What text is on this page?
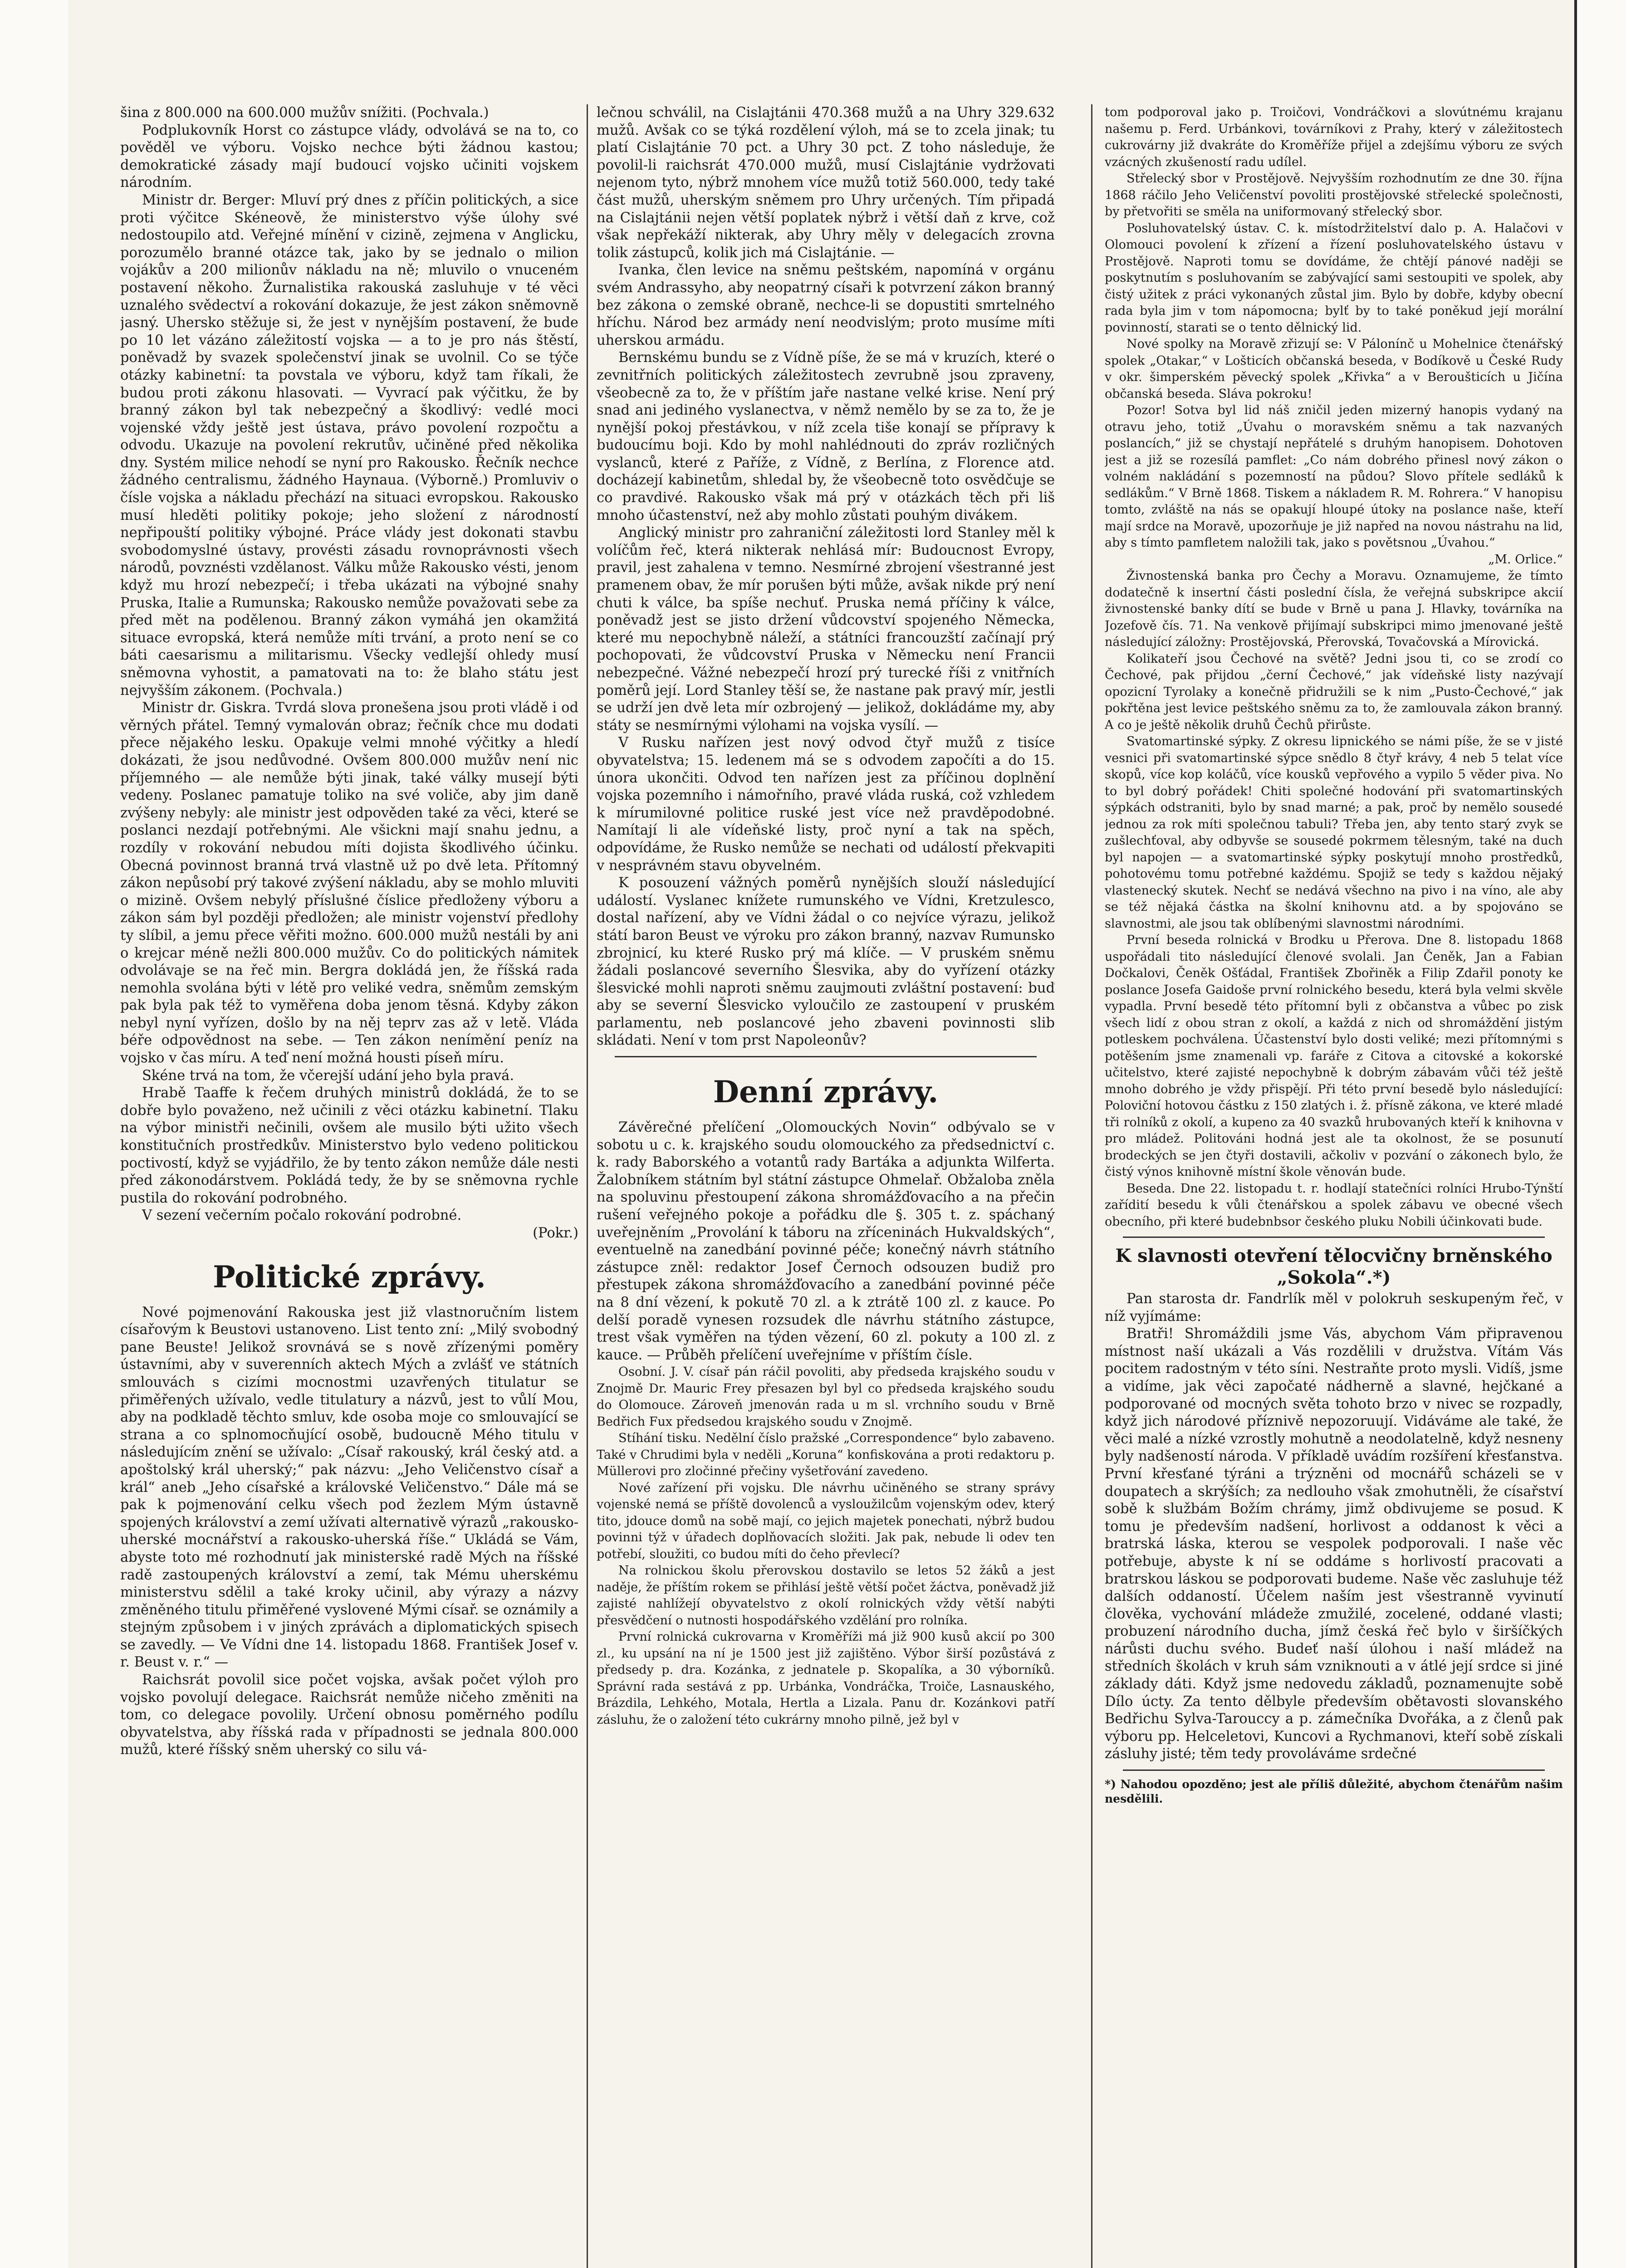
šina z 800.000 na 600.000 mužův snížiti. (Pochvala.)

Podplukovník Horst co zástupce vlády, odvolává se na to, co pověděl ve výboru. Vojsko nechce býti žádnou kastou; demokratické zásady mají budoucí vojsko učiniti vojskem národním.

Ministr dr. Berger: Mluví prý dnes z příčin politických, a sice proti výčitce Skéneově, že ministerstvo výše úlohy své nedostoupilo atd. Veřejné mínění v cizině, zejmena v Anglicku, porozumělo branné otázce tak, jako by se jednalo o milion vojákův a 200 milionův nákladu na ně; mluvilo o vnuceném postavení někoho. Žurnalistika rakouská zasluhuje v té věci uznalého svědectví a rokování dokazuje, že jest zákon sněmovně jasný. Uhersko stěžuje si, že jest v nynějším postavení, že bude po 10 let vázáno záležitostí vojska — a to je pro nás štěstí, poněvadž by svazek společenství jinak se uvolnil. Co se týče otázky kabinetní: ta povstala ve výboru, když tam říkali, že budou proti zákonu hlasovati. — Vyvrací pak výčitku, že by branný zákon byl tak nebezpečný a škodlivý: vedlé moci vojenské vždy ještě jest ústava, právo povolení rozpočtu a odvodu. Ukazuje na povolení rekrutův, učiněné před několika dny. Systém milice nehodí se nyní pro Rakousko. Řečník nechce žádného centralismu, žádného Haynaua. (Výborně.) Promluviv o čísle vojska a nákladu přechází na situaci evropskou. Rakousko musí hleděti politiky pokoje; jeho složení z národností nepřipouští politiky výbojné. Práce vlády jest dokonati stavbu svobodomyslné ústavy, provésti zásadu rovnoprávnosti všech národů, povznésti vzdělanost. Válku může Rakousko vésti, jenom když mu hrozí nebezpečí; i třeba ukázati na výbojné snahy Pruska, Italie a Rumunska; Rakousko nemůže považovati sebe za před mět na podělenou. Branný zákon vymáhá jen okamžitá situace evropská, která nemůže míti trvání, a proto není se co báti caesarismu a militarismu. Všecky vedlejší ohledy musí sněmovna vyhostit, a pamatovati na to: že blaho státu jest nejvyšším zákonem. (Pochvala.)

Ministr dr. Giskra. Tvrdá slova pronešena jsou proti vládě i od věrných přátel. Temný vymalován obraz; řečník chce mu dodati přece nějakého lesku. Opakuje velmi mnohé výčitky a hledí dokázati, že jsou nedůvodné. Ovšem 800.000 mužův není nic příjemného — ale nemůže býti jinak, také války musejí býti vedeny. Poslanec pamatuje toliko na své voliče, aby jim daně zvýšeny nebyly: ale ministr jest odpověden také za věci, které se poslanci nezdají potřebnými. Ale všickni mají snahu jednu, a rozdíly v rokování nebudou míti dojista škodlivého účinku. Obecná povinnost branná trvá vlastně už po dvě leta. Přítomný zákon nepůsobí prý takové zvýšení nákladu, aby se mohlo mluviti o mizině. Ovšem nebylý příslušné číslice předloženy výboru a zákon sám byl později předložen; ale ministr vojenství předlohy ty slíbil, a jemu přece věřiti možno. 600.000 mužů nestáli by ani o krejcar méně nežli 800.000 mužův. Co do politických námitek odvolávaje se na řeč min. Bergra dokládá jen, že říšská rada nemohla svolána býti v létě pro veliké vedra, sněmům zemským pak byla pak též to vyměřena doba jenom těsná. Kdyby zákon nebyl nyní vyřízen, došlo by na něj teprv zas až v letě. Vláda béře odpovědnost na sebe. — Ten zákon nenímění peníz na vojsko v čas míru. A teď není možná housti píseň míru.

Skéne trvá na tom, že včerejší udání jeho byla pravá.

Hrabě Taaffe k řečem druhých ministrů dokládá, že to se dobře bylo považeno, než učinili z věci otázku kabinetní. Tlaku na výbor ministři nečinili, ovšem ale musilo býti užito všech konstitučních prostředkův. Ministerstvo bylo vedeno politickou poctivostí, když se vyjádřilo, že by tento zákon nemůže dále nesti před zákonodárstvem. Pokládá tedy, že by se sněmovna rychle pustila do rokování podrobného.

V sezení večerním počalo rokování podrobné.

(Pokr.)

Politické zprávy.

Nové pojmenování Rakouska jest již vlastnoručním listem císařovým k Beustovi ustanoveno. List tento zní: „Milý svobodný pane Beuste! Jelikož srovnává se s nově zřízenými poměry ústavními, aby v suverenních aktech Mých a zvlášť ve státních smlouvách s cizími mocnostmi uzavřených titulatur se přiměřených užívalo, vedle titulatury a názvů, jest to vůlí Mou, aby na podkladě těchto smluv, kde osoba moje co smlouvající se strana a co splnomocňující osobě, budoucně Mého titulu v následujícím znění se užívalo: „Císař rakouský, král český atd. a apoštolský král uherský;“ pak názvu: „Jeho Veličenstvo císař a král“ aneb „Jeho císařské a královské Veličenstvo.“ Dále má se pak k pojmenování celku všech pod žezlem Mým ústavně spojených království a zemí užívati alternativě výrazů „rakousko-uherské mocnářství a rakousko-uherská říše.“ Ukládá se Vám, abyste toto mé rozhodnutí jak ministerské radě Mých na říšské radě zastoupených království a zemí, tak Mému uherskému ministerstvu sdělil a také kroky učinil, aby výrazy a názvy změněného titulu přiměřené vyslovené Mými císař. se oznámily a stejným způsobem i v jiných zprávách a diplomatických spisech se zavedly. — Ve Vídni dne 14. listopadu 1868. František Josef v. r. Beust v. r.“ —

Raichsrát povolil sice počet vojska, avšak počet výloh pro vojsko povolují delegace. Raichsrát nemůže ničeho změniti na tom, co delegace povolily. Určení obnosu poměrného podílu obyvatelstva, aby říšská rada v případnosti se jednala 800.000 mužů, které říšský sněm uherský co silu vá-

lečnou schválil, na Cislajtánii 470.368 mužů a na Uhry 329.632 mužů. Avšak co se týká rozdělení výloh, má se to zcela jinak; tu platí Cislajtánie 70 pct. a Uhry 30 pct. Z toho následuje, že povolil-li raichsrát 470.000 mužů, musí Cislajtánie vydržovati nejenom tyto, nýbrž mnohem více mužů totiž 560.000, tedy také část mužů, uherským sněmem pro Uhry určených. Tím připadá na Cislajtánii nejen větší poplatek nýbrž i větší daň z krve, což však nepřekáží nikterak, aby Uhry měly v delegacích zrovna tolik zástupců, kolik jich má Cislajtánie. —

Ivanka, člen levice na sněmu peštském, napomíná v orgánu svém Andrassyho, aby neopatrný císaři k potvrzení zákon branný bez zákona o zemské obraně, nechce-li se dopustiti smrtelného hříchu. Národ bez armády není neodvislým; proto musíme míti uherskou armádu.

Bernskému bundu se z Vídně píše, že se má v kruzích, které o zevnitřních politických záležitostech zevrubně jsou zpraveny, všeobecně za to, že v příštím jaře nastane velké krise. Není prý snad ani jediného vyslanectva, v němž nemělo by se za to, že je nynější pokoj přestávkou, v níž zcela tiše konají se přípravy k budoucímu boji. Kdo by mohl nahlédnouti do zpráv rozličných vyslanců, které z Paříže, z Vídně, z Berlína, z Florence atd. docházejí kabinetům, shledal by, že všeobecně toto osvědčuje se co pravdivé. Rakousko však má prý v otázkách těch při liš mnoho účastenství, než aby mohlo zůstati pouhým divákem.

Anglický ministr pro zahraniční záležitosti lord Stanley měl k volíčům řeč, která nikterak nehlásá mír: Budoucnost Evropy, pravil, jest zahalena v temno. Nesmírné zbrojení všestranné jest pramenem obav, že mír porušen býti může, avšak nikde prý není chuti k válce, ba spíše nechuť. Pruska nemá příčiny k válce, poněvadž jest se jisto držení vůdcovství spojeného Německa, které mu nepochybně náleží, a státníci francouzští začínají prý pochopovati, že vůdcovství Pruska v Německu není Francii nebezpečné. Vážné nebezpečí hrozí prý turecké říši z vnitřních poměrů její. Lord Stanley těší se, že nastane pak pravý mír, jestli se udrží jen dvě leta mír ozbrojený — jelikož, dokládáme my, aby státy se nesmírnými výlohami na vojska vysílí. —

V Rusku nařízen jest nový odvod čtyř mužů z tisíce obyvatelstva; 15. ledenem má se s odvodem započíti a do 15. února ukončiti. Odvod ten nařízen jest za příčinou doplnění vojska pozemního i námořního, pravé vláda ruská, což vzhledem k mírumilovné politice ruské jest více než pravděpodobné. Namítají li ale vídeňské listy, proč nyní a tak na spěch, odpovídáme, že Rusko nemůže se nechati od událostí překvapiti v nesprávném stavu obyvelném.

K posouzení vážných poměrů nynějších slouží následující událostí. Vyslanec knížete rumunského ve Vídni, Kretzulesco, dostal nařízení, aby ve Vídni žádal o co nejvíce výrazu, jelikož státí baron Beust ve výroku pro zákon branný, nazvav Rumunsko zbrojnicí, ku které Rusko prý má klíče. — V pruském sněmu žádali poslancové severního Šlesvika, aby do vyřízení otázky šlesvické mohli naproti sněmu zaujmouti zvláštní postavení: buď aby se severní Šlesvicko vyloučilo ze zastoupení v pruském parlamentu, neb poslancové jeho zbaveni povinnosti slib skládati. Není v tom prst Napoleonův?

Denní zprávy.

Závěrečné přelíčení „Olomouckých Novin“ odbývalo se v sobotu u c. k. krajského soudu olomouckého za předsednictví c. k. rady Baborského a votantů rady Bartáka a adjunkta Wilferta. Žalobníkem státním byl státní zástupce Ohmelař. Obžaloba zněla na spoluvinu přestoupení zákona shromážďovacího a na přečin rušení veřejného pokoje a pořádku dle §. 305 t. z. spáchaný uveřejněním „Provolání k táboru na zříceninách Hukvaldských“, eventuelně na zanedbání povinné péče; konečný návrh státního zástupce zněl: redaktor Josef Černoch odsouzen budiž pro přestupek zákona shromážďovacího a zanedbání povinné péče na 8 dní vězení, k pokutě 70 zl. a k ztrátě 100 zl. z kauce. Po delší poradě vynesen rozsudek dle návrhu státního zástupce, trest však vyměřen na týden vězení, 60 zl. pokuty a 100 zl. z kauce. — Průběh přelíčení uveřejníme v příštím čísle.

Osobní. J. V. císař pán ráčil povoliti, aby předseda krajského soudu v Znojmě Dr. Mauric Frey přesazen byl byl co předseda krajského soudu do Olomouce. Zároveň jmenován rada u m sl. vrchního soudu v Brně Bedřich Fux předsedou krajského soudu v Znojmě.

Stíhání tisku. Nedělní číslo pražské „Correspondence“ bylo zabaveno. Také v Chrudimi byla v neděli „Koruna“ konfiskována a proti redaktoru p. Müllerovi pro zločinné přečiny vyšetřování zavedeno.

Nové zařízení při vojsku. Dle návrhu učiněného se strany správy vojenské nemá se příště dovolenců a vysloužilcům vojenským odev, který tito, jdouce domů na sobě mají, co jejich majetek ponechati, nýbrž budou povinni týž v úřadech doplňovacích složiti. Jak pak, nebude li odev ten potřebí, sloužiti, co budou míti do čeho převlecí?

Na rolnickou školu přerovskou dostavilo se letos 52 žáků a jest naděje, že příštím rokem se přihlásí ještě větší počet žáctva, poněvadž již zajisté nahlížejí obyvatelstvo z okolí rolnických vždy větší nabýti přesvědčení o nutnosti hospodářského vzdělání pro rolníka.

První rolnická cukrovarna v Kroměříži má již 900 kusů akcií po 300 zl., ku upsání na ní je 1500 jest již zajištěno. Výbor širší pozůstává z předsedy p. dra. Kozánka, z jednatele p. Skopalíka, a 30 výborníků. Správní rada sestává z pp. Urbánka, Vondráčka, Troiče, Lasnauského, Brázdila, Lehkého, Motala, Hertla a Lizala. Panu dr. Kozánkovi patří zásluhu, že o založení této cukrárny mnoho pilně, jež byl v

tom podporoval jako p. Troičovi, Vondráčkovi a slovútnému krajanu našemu p. Ferd. Urbánkovi, továrníkovi z Prahy, který v záležitostech cukrovárny již dvakráte do Kroměříže přijel a zdejšímu výboru ze svých vzácných zkušeností radu udílel.

Střelecký sbor v Prostějově. Nejvyšším rozhodnutím ze dne 30. října 1868 ráčilo Jeho Veličenství povoliti prostějovské střelecké společnosti, by přetvořiti se směla na uniformovaný střelecký sbor.

Posluhovatelský ústav. C. k. místodržitelství dalo p. A. Halačovi v Olomouci povolení k zřízení a řízení posluhovatelského ústavu v Prostějově. Naproti tomu se dovídáme, že chtějí pánové naději se poskytnutím s posluhovaním se zabývající sami sestoupiti ve spolek, aby čistý užitek z práci vykonaných zůstal jim. Bylo by dobře, kdyby obecní rada byla jim v tom nápomocna; bylť by to také poněkud její morální povinností, starati se o tento dělnický lid.

Nové spolky na Moravě zřizují se: V Pálonínč u Mohelnice čtenářský spolek „Otakar,“ v Lošticích občanská beseda, v Bodíkově u České Rudy v okr. šimperském pěvecký spolek „Křivka“ a v Beroušticích u Jičína občanská beseda. Sláva pokroku!

Pozor! Sotva byl lid náš zničil jeden mizerný hanopis vydaný na otravu jeho, totiž „Úvahu o moravském sněmu a tak nazvaných poslancích,“ již se chystají nepřátelé s druhým hanopisem. Dohotoven jest a již se rozesílá pamflet: „Co nám dobrého přinesl nový zákon o volném nakládání s pozemností na půdou? Slovo přítele sedláků k sedlákům.“ V Brně 1868. Tiskem a nákladem R. M. Rohrera.“ V hanopisu tomto, zvláště na nás se opakují hloupé útoky na poslance naše, kteří mají srdce na Moravě, upozorňuje je již napřed na novou nástrahu na lid, aby s tímto pamfletem naložili tak, jako s povětsnou „Úvahou.“

„M. Orlice.“

Živnostenská banka pro Čechy a Moravu. Oznamujeme, že tímto dodatečně k insertní části poslední čísla, že veřejná subskripce akcií živnostenské banky dítí se bude v Brně u pana J. Hlavky, továrníka na Jozefově čís. 71. Na venkově přijímají subskripci mimo jmenované ještě následující záložny: Prostějovská, Přerovská, Tovačovská a Mírovická.

Kolikateří jsou Čechové na světě? Jedni jsou ti, co se zrodí co Čechové, pak přijdou „černí Čechové,“ jak vídeňské listy nazývají opozicní Tyrolaky a konečně přidružili se k nim „Pusto-Čechové,“ jak pokřtěna jest levice peštského sněmu za to, že zamlouvala zákon branný. A co je ještě několik druhů Čechů přirůste.

Svatomartinské sýpky. Z okresu lipnického se námi píše, že se v jisté vesnici při svatomartinské sýpce snědlo 8 čtyř krávy, 4 neb 5 telat více skopů, více kop koláčů, více kousků vepřového a vypilo 5 věder piva. No to byl dobrý pořádek! Chiti společné hodování při svatomartinských sýpkách odstraniti, bylo by snad marné; a pak, proč by nemělo sousedé jednou za rok míti společnou tabuli? Třeba jen, aby tento starý zvyk se zušlechťoval, aby odbyvše se sousedé pokrmem tělesným, také na duch byl napojen — a svatomartinské sýpky poskytují mnoho prostředků, pohotovému tomu potřebné každému. Spojiž se tedy s každou nějaký vlastenecký skutek. Nechť se nedává všechno na pivo i na víno, ale aby se též nějaká částka na školní knihovnu atd. a by spojováno se slavnostmi, ale jsou tak oblíbenými slavnostmi národními.

První beseda rolnická v Brodku u Přerova. Dne 8. listopadu 1868 uspořádali tito následující členové svolali. Jan Čeněk, Jan a Fabian Dočkalovi, Čeněk Ošťádal, František Zbořiněk a Filip Zdařil ponoty ke poslance Josefa Gaidoše první rolnického besedu, která byla velmi skvěle vypadla. První besedě této přítomní byli z občanstva a vůbec po zisk všech lidí z obou stran z okolí, a každá z nich od shromáždění jistým potleskem pochválena. Účastenství bylo dosti veliké; mezi přítomnými s potěšením jsme znamenali vp. faráře z Citova a citovské a kokorské učitelstvo, které zajisté nepochybně k dobrým zábavám vůči též ještě mnoho dobrého je vždy přispějí. Při této první besedě bylo následující: Poloviční hotovou částku z 150 zlatých i. ž. přísně zákona, ve které mladé tři rolníků z okolí, a kupeno za 40 svazků hrubovaných kteří k knihovna v pro mládež. Politováni hodná jest ale ta okolnost, že se posunutí brodeckých se jen čtyři dostavili, ačkoliv v pozvání o zákonech bylo, že čistý výnos knihovně místní škole věnován bude.

Beseda. Dne 22. listopadu t. r. hodlají statečníci rolníci Hrubo-Týnští zařídití besedu k vůli čtenářskou a spolek zábavu ve obecné všech obecního, při které budebnbsor českého pluku Nobili účinkovati bude.

K slavnosti otevření tělocvičny brněnského „Sokola“.*)

Pan starosta dr. Fandrlík měl v polokruh seskupeným řeč, v níž vyjímáme:

Bratři! Shromáždili jsme Vás, abychom Vám připravenou místnost naší ukázali a Vás rozdělili v družstva. Vítám Vás pocitem radostným v této síni. Nestraňte proto mysli. Vidíš, jsme a vidíme, jak věci započaté nádherně a slavné, hejčkané a podporované od mocných světa tohoto brzo v nivec se rozpadly, když jich národové příznivě nepozoruují. Vidáváme ale také, že věci malé a nízké vzrostly mohutně a neodolatelně, když nesneny byly nadšeností národa. V příkladě uvádím rozšíření křesťanstva. První křesťané týráni a trýzněni od mocnářů scházeli se v doupatech a skrýších; za nedlouho však zmohutněli, že císařství sobě k službám Božím chrámy, jimž obdivujeme se posud. K tomu je především nadšení, horlivost a oddanost k věci a bratrská láska, kterou se vespolek podporovali. I naše věc potřebuje, abyste k ní se oddáme s horlivostí pracovati a bratrskou láskou se podporovati budeme. Naše věc zasluhuje též dalších oddaností. Účelem naším jest všestranně vyvinutí člověka, vychování mládeže zmužilé, zocelené, oddané vlasti; probuzení národního ducha, jímž česká řeč bylo v širšíčkých nárůsti duchu svého. Budeť naší úlohou i naší mládež na středních školách v kruh sám vzniknouti a v átlé její srdce si jiné základy dáti. Když jsme nedovedu základů, poznamenujte sobě Dílo úcty. Za tento dělbyle především obětavosti slovanského Bedřichu Sylva-Tarouccy a p. zámečníka Dvořáka, a z členů pak výboru pp. Helceletovi, Kuncovi a Rychmanovi, kteří sobě získali zásluhy jisté; těm tedy provoláváme srdečné

*) Nahodou opozděno; jest ale příliš důležité, abychom čtenářům našim nesdělili.
